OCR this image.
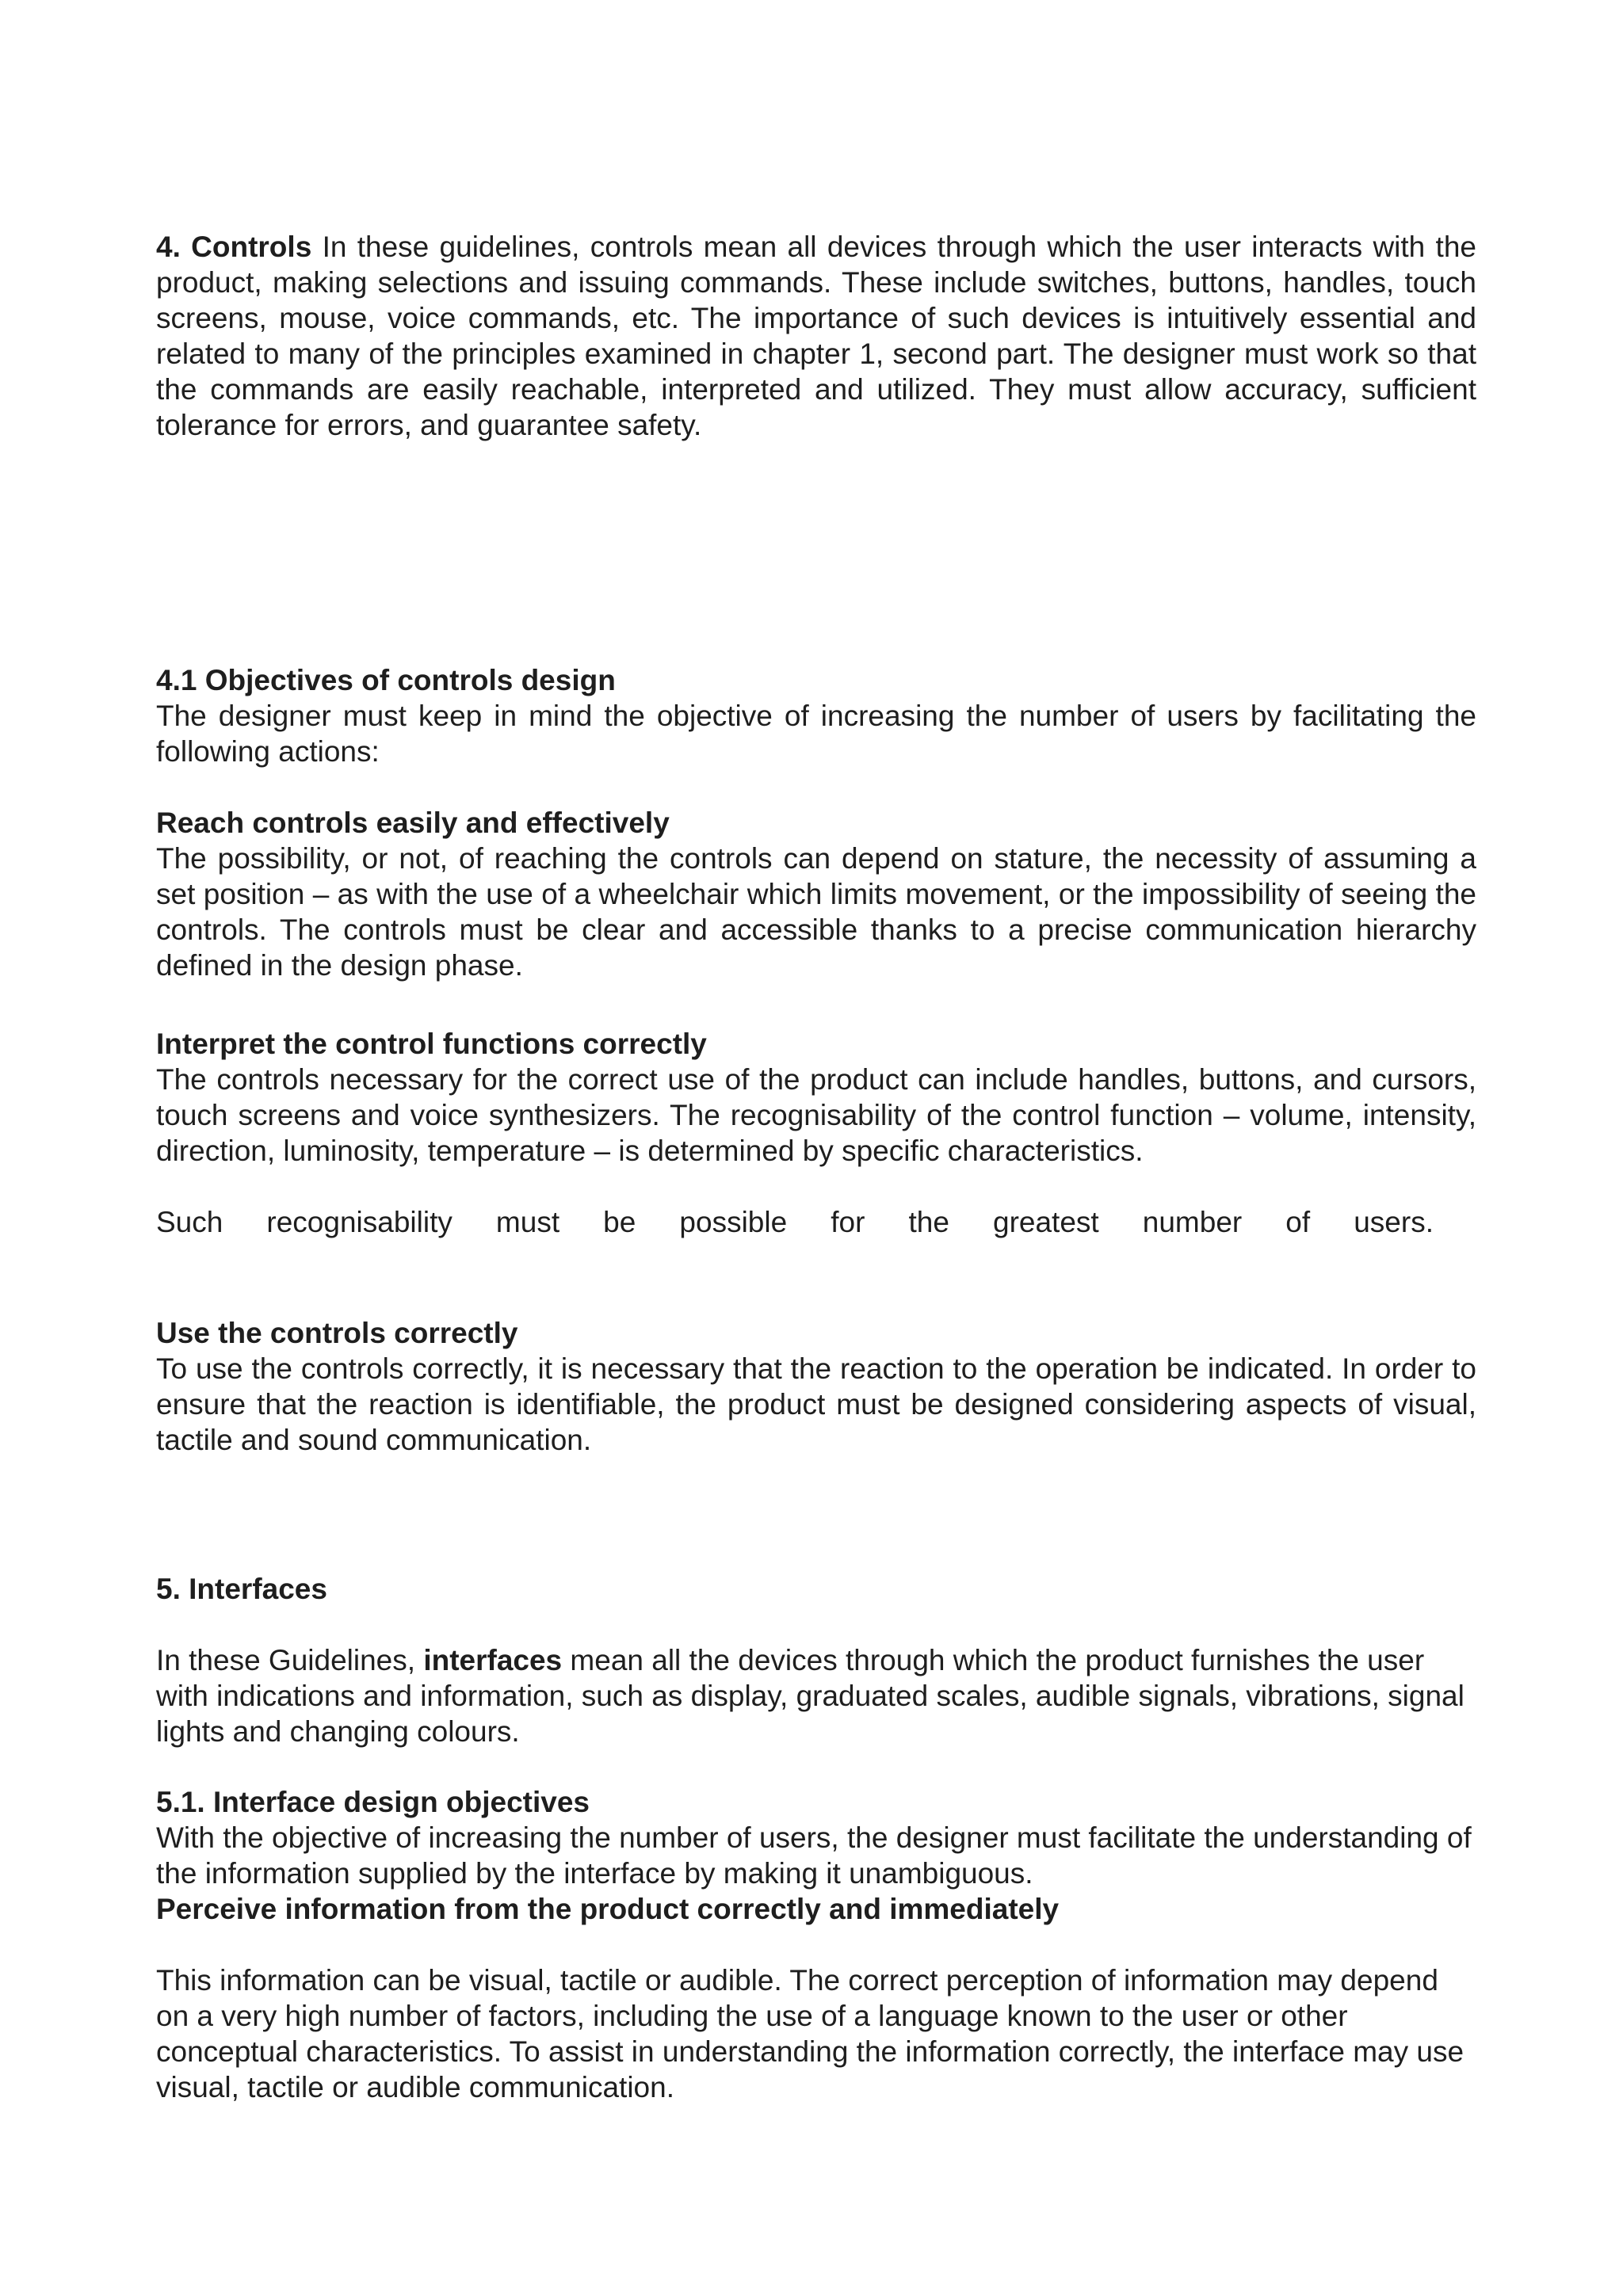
4. Controls In these guidelines, controls mean all devices through which the user interacts with the product, making selections and issuing commands. These include switches, buttons, handles, touch screens, mouse, voice commands, etc. The importance of such devices is intuitively essential and related to many of the principles examined in chapter 1, second part. The designer must work so that the commands are easily reachable, interpreted and utilized. They must allow accuracy, sufficient tolerance for errors, and guarantee safety.

4.1 Objectives of controls design

The designer must keep in mind the objective of increasing the number of users by facilitating the following actions:

Reach controls easily and effectively

The possibility, or not, of reaching the controls can depend on stature, the necessity of assuming a set position – as with the use of a wheelchair which limits movement, or the impossibility of seeing the controls. The controls must be clear and accessible thanks to a precise communication hierarchy defined in the design phase.

Interpret the control functions correctly

The controls necessary for the correct use of the product can include handles, buttons, and cursors, touch screens and voice synthesizers. The recognisability of the control function – volume, intensity, direction, luminosity, temperature – is determined by specific characteristics.

Such recognisability must be possible for the greatest number of users.

Use the controls correctly

To use the controls correctly, it is necessary that the reaction to the operation be indicated. In order to ensure that the reaction is identifiable, the product must be designed considering aspects of visual, tactile and sound communication.

5. Interfaces

In these Guidelines, interfaces mean all the devices through which the product furnishes the user with indications and information, such as display, graduated scales, audible signals, vibrations, signal lights and changing colours.

5.1. Interface design objectives

With the objective of increasing the number of users, the designer must facilitate the understanding of the information supplied by the interface by making it unambiguous.

Perceive information from the product correctly and immediately

This information can be visual, tactile or audible. The correct perception of information may depend on a very high number of factors, including the use of a language known to the user or other conceptual characteristics. To assist in understanding the information correctly, the interface may use visual, tactile or audible communication.
